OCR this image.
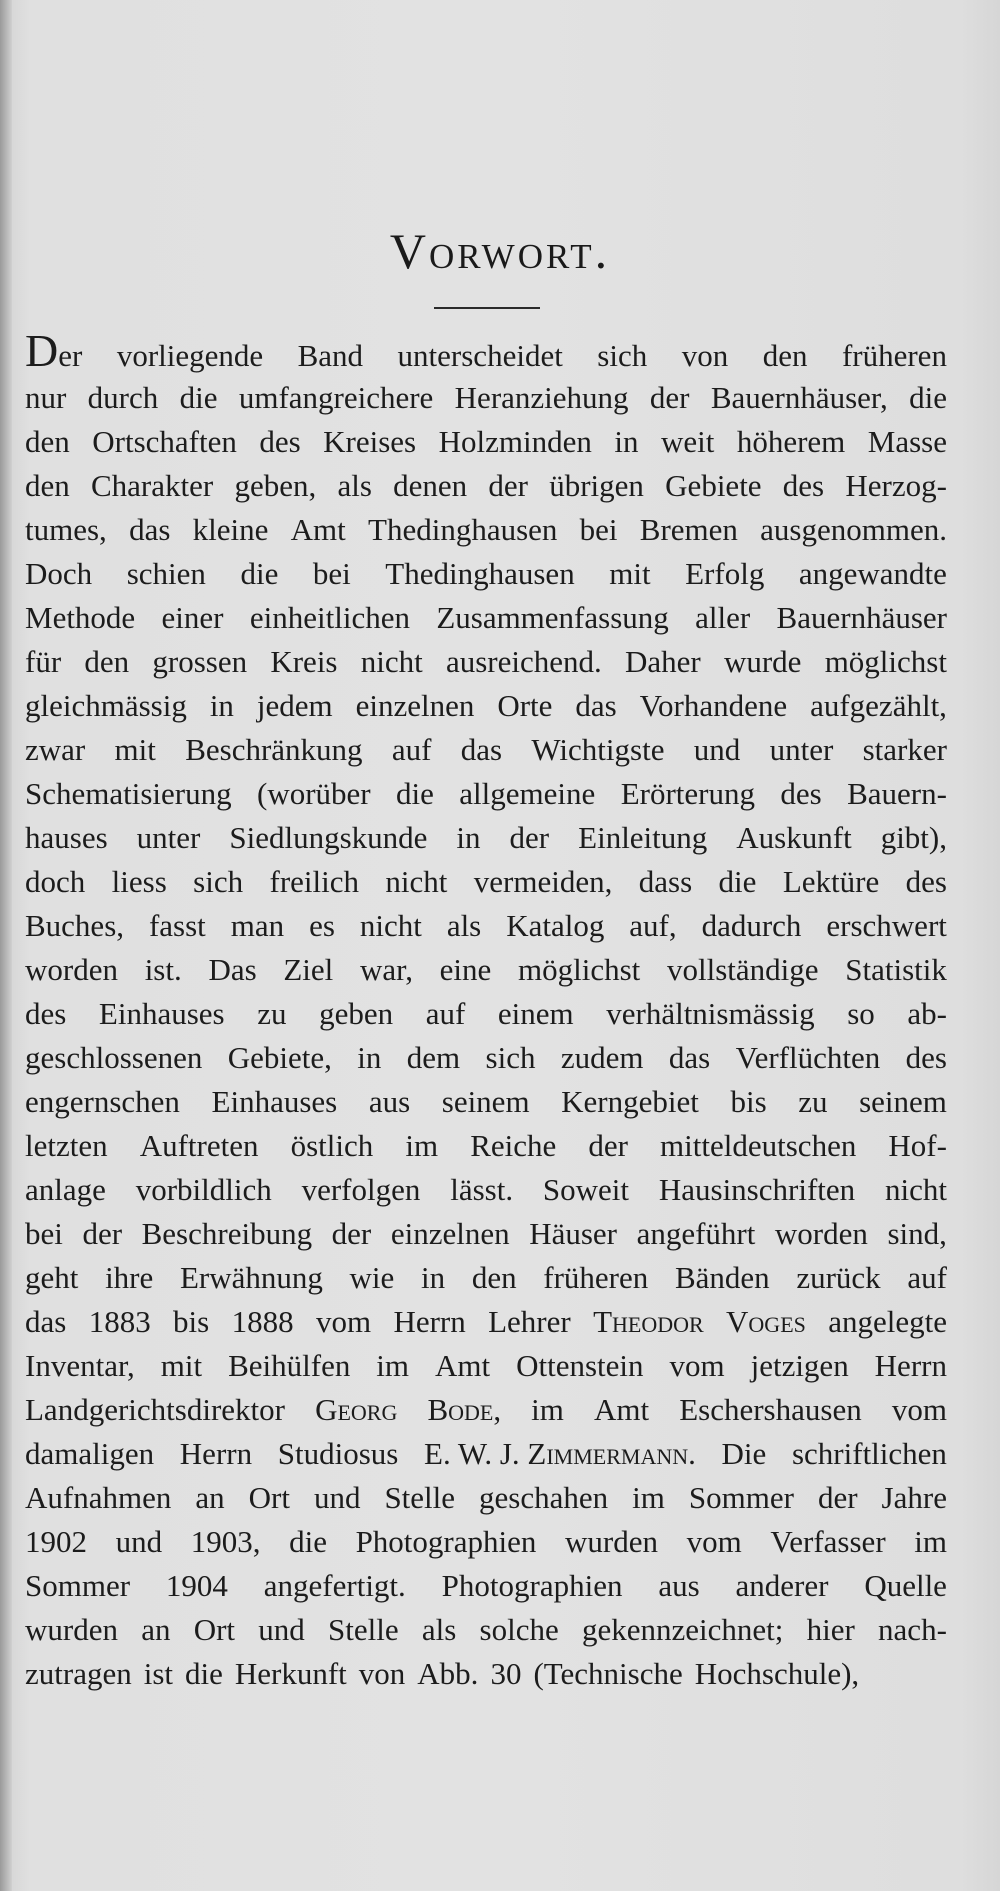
Vorwort.
Der vorliegende Band unterscheidet sich von den früheren
nur durch die umfangreichere Heranziehung der Bauernhäuser, die
den Ortschaften des Kreises Holzminden in weit höherem Masse
den Charakter geben, als denen der übrigen Gebiete des Herzog-
tumes, das kleine Amt Thedinghausen bei Bremen ausgenommen.
Doch schien die bei Thedinghausen mit Erfolg angewandte
Methode einer einheitlichen Zusammenfassung aller Bauernhäuser
für den grossen Kreis nicht ausreichend. Daher wurde möglichst
gleichmässig in jedem einzelnen Orte das Vorhandene aufgezählt,
zwar mit Beschränkung auf das Wichtigste und unter starker
Schematisierung (worüber die allgemeine Erörterung des Bauern-
hauses unter Siedlungskunde in der Einleitung Auskunft gibt),
doch liess sich freilich nicht vermeiden, dass die Lektüre des
Buches, fasst man es nicht als Katalog auf, dadurch erschwert
worden ist. Das Ziel war, eine möglichst vollständige Statistik
des Einhauses zu geben auf einem verhältnismässig so ab-
geschlossenen Gebiete, in dem sich zudem das Verflüchten des
engernschen Einhauses aus seinem Kerngebiet bis zu seinem
letzten Auftreten östlich im Reiche der mitteldeutschen Hof-
anlage vorbildlich verfolgen lässt. Soweit Hausinschriften nicht
bei der Beschreibung der einzelnen Häuser angeführt worden sind,
geht ihre Erwähnung wie in den früheren Bänden zurück auf
das 1883 bis 1888 vom Herrn Lehrer Theodor Voges angelegte
Inventar, mit Beihülfen im Amt Ottenstein vom jetzigen Herrn
Landgerichtsdirektor Georg Bode, im Amt Eschershausen vom
damaligen Herrn Studiosus E. W. J. Zimmermann. Die schriftlichen
Aufnahmen an Ort und Stelle geschahen im Sommer der Jahre
1902 und 1903, die Photographien wurden vom Verfasser im
Sommer 1904 angefertigt. Photographien aus anderer Quelle
wurden an Ort und Stelle als solche gekennzeichnet; hier nach-
zutragen ist die Herkunft von Abb. 30 (Technische Hochschule),
